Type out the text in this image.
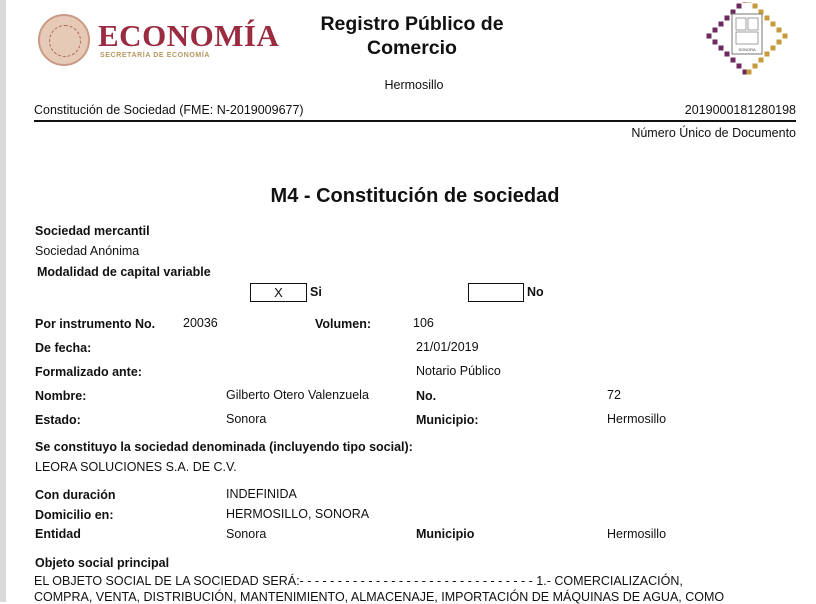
ECONOMÍA
SECRETARÍA DE ECONOMÍA
Registro Público de
Comercio
Hermosillo
SONORA
Constitución de Sociedad (FME: N-2019009677)	2019000181280198
Número Único de Documento
M4 - Constitución de sociedad
Sociedad mercantil
Sociedad Anónima
Modalidad de capital variable
X	Si	No
Por instrumento No. 20036	Volumen:	106
De fecha:	21/01/2019
Formalizado ante:	Notario Público
Nombre:	Gilberto Otero Valenzuela	No.	72
Estado:	Sonora	Municipio:	Hermosillo
Se constituyo la sociedad denominada (incluyendo tipo social):
LEORA SOLUCIONES S.A. DE C.V.
Con duración	INDEFINIDA
Domicilio en:	HERMOSILLO, SONORA
Entidad	Sonora	Municipio	Hermosillo
Objeto social principal
EL OBJETO SOCIAL DE LA SOCIEDAD SERÁ:- - - - - - - - - - - - - - - - - - - - - - - - - - - - - - - 1.- COMERCIALIZACIÓN,
COMPRA, VENTA, DISTRIBUCIÓN, MANTENIMIENTO, ALMACENAJE, IMPORTACIÓN DE MÁQUINAS DE AGUA, COMO
